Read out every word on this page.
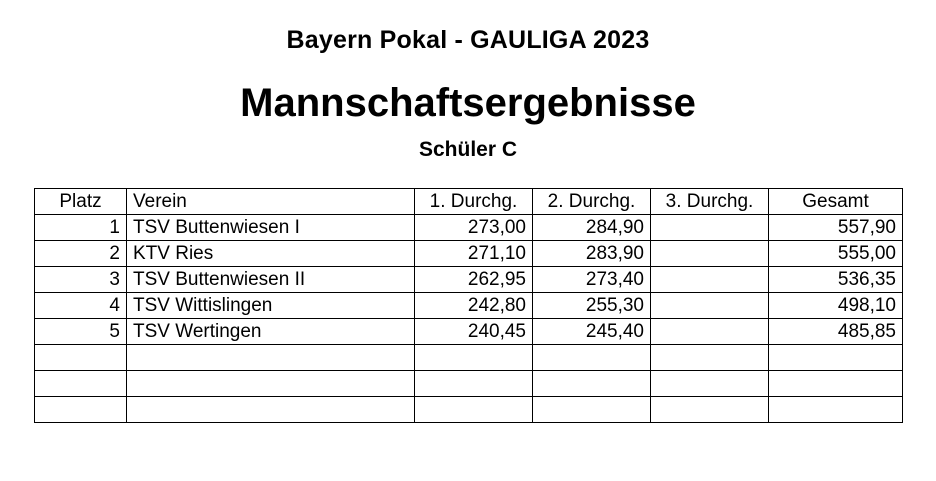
Bayern Pokal - GAULIGA 2023
Mannschaftsergebnisse
Schüler C
Platz	Verein	1. Durchg.	2. Durchg.	3. Durchg.	Gesamt
1	TSV Buttenwiesen I	273,00	284,90		557,90
2	KTV Ries	271,10	283,90		555,00
3	TSV Buttenwiesen II	262,95	273,40		536,35
4	TSV Wittislingen	242,80	255,30		498,10
5	TSV Wertingen	240,45	245,40		485,85
